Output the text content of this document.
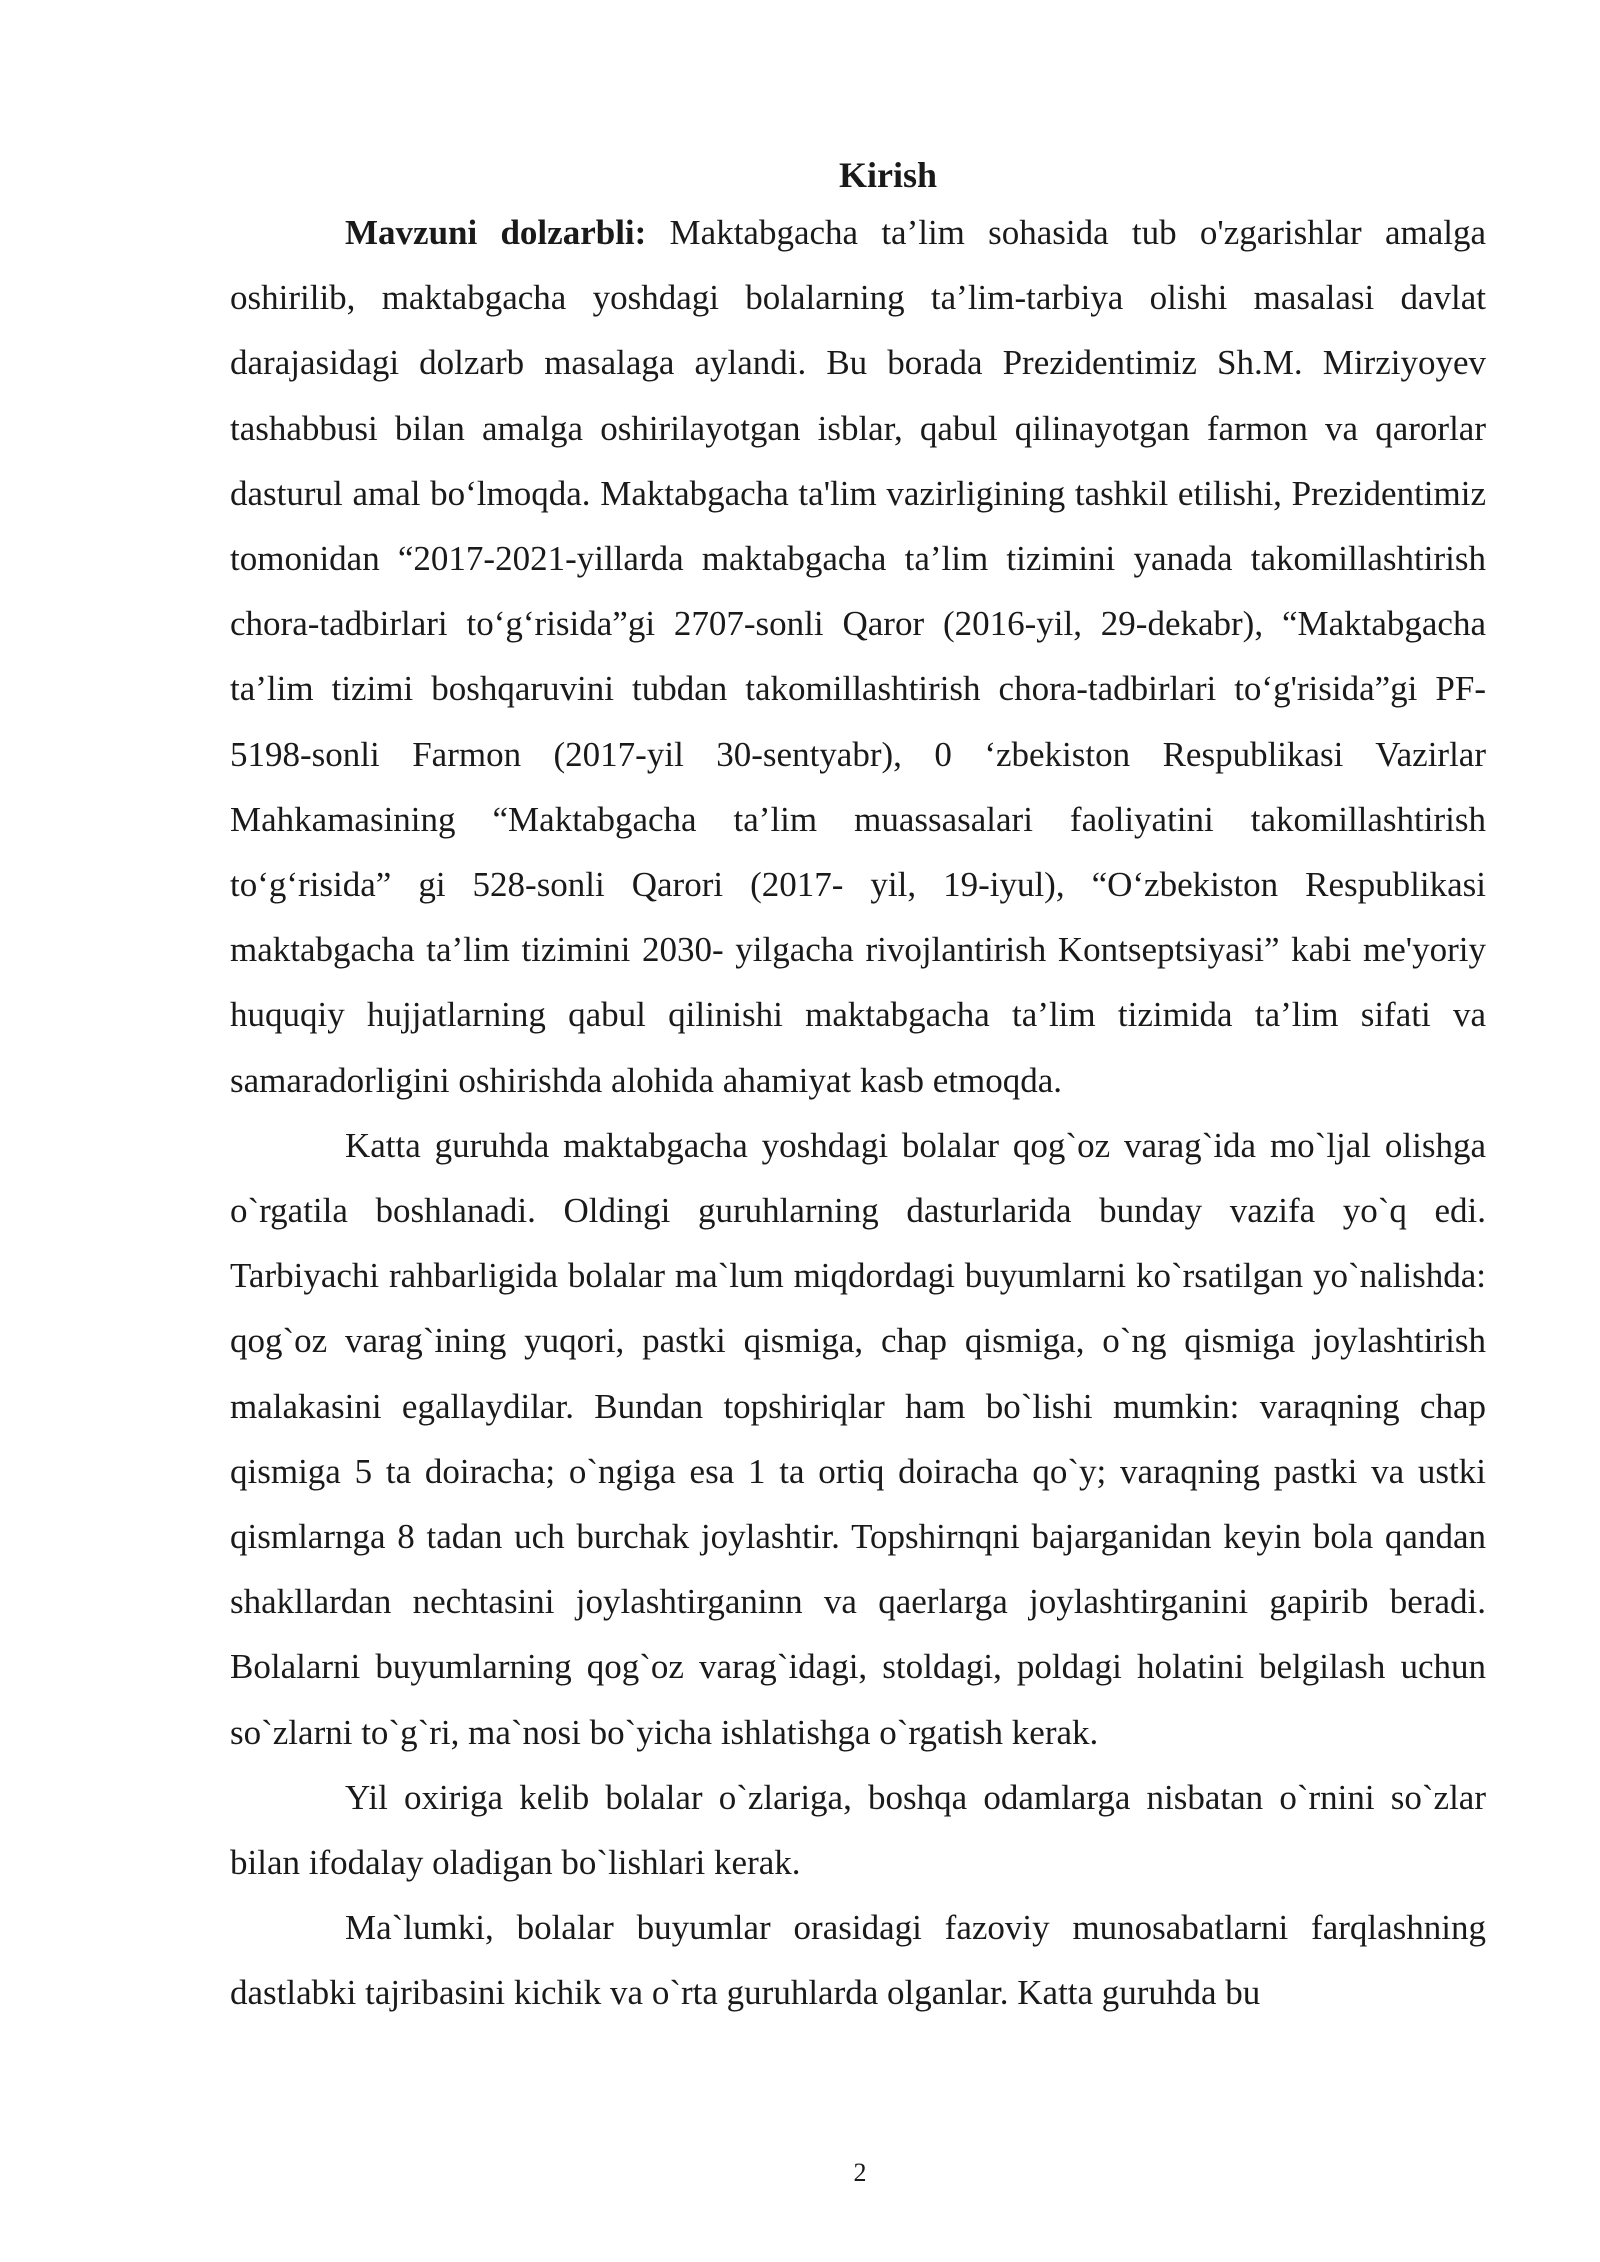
Kirish

Mavzuni dolzarbli: Maktabgacha ta’lim sohasida tub o'zgarishlar amalga oshirilib, maktabgacha yoshdagi bolalarning ta’lim-tarbiya olishi masalasi davlat darajasidagi dolzarb masalaga aylandi. Bu borada Prezidentimiz Sh.M. Mirziyoyev tashabbusi bilan amalga oshirilayotgan isblar, qabul qilinayotgan farmon va qarorlar dasturul amal bo‘lmoqda. Maktabgacha ta'lim vazirligining tashkil etilishi, Prezidentimiz tomonidan “2017-2021-yillarda maktabgacha ta’lim tizimini yanada takomillashtirish chora-tadbirlari to‘g‘risida”gi 2707-sonli Qaror (2016-yil, 29-dekabr), “Maktabgacha ta’lim tizimi boshqaruvini tubdan takomillashtirish chora-tadbirlari to‘g'risida”gi PF-5198-sonli Farmon (2017-yil 30-sentyabr), 0 ‘zbekiston Respublikasi Vazirlar Mahkamasining “Maktabgacha ta’lim muassasalari faoliyatini takomillashtirish to‘g‘risida” gi 528-sonli Qarori (2017- yil, 19-iyul), “O‘zbekiston Respublikasi maktabgacha ta’lim tizimini 2030- yilgacha rivojlantirish Kontseptsiyasi” kabi me'yoriy huquqiy hujjatlarning qabul qilinishi maktabgacha ta’lim tizimida ta’lim sifati va samaradorligini oshirishda alohida ahamiyat kasb etmoqda.

Katta guruhda maktabgacha yoshdagi bolalar qog`oz varag`ida mo`ljal olishga o`rgatila boshlanadi. Oldingi guruhlarning dasturlarida bunday vazifa yo`q edi. Tarbiyachi rahbarligida bolalar ma`lum miqdordagi buyumlarni ko`rsatilgan yo`nalishda: qog`oz varag`ining yuqori, pastki qismiga, chap qismiga, o`ng qismiga joylashtirish malakasini egallaydilar. Bundan topshiriqlar ham bo`lishi mumkin: varaqning chap qismiga 5 ta doiracha; o`ngiga esa 1 ta ortiq doiracha qo`y; varaqning pastki va ustki qismlarnga 8 tadan uch burchak joylashtir. Topshirnqni bajarganidan keyin bola qandan shakllardan nechtasini joylashtirganinn va qaerlarga joylashtirganini gapirib beradi. Bolalarni buyumlarning qog`oz varag`idagi, stoldagi, poldagi holatini belgilash uchun so`zlarni to`g`ri, ma`nosi bo`yicha ishlatishga o`rgatish kerak.

Yil oxiriga kelib bolalar o`zlariga, boshqa odamlarga nisbatan o`rnini so`zlar bilan ifodalay oladigan bo`lishlari kerak.

Ma`lumki, bolalar buyumlar orasidagi fazoviy munosabatlarni farqlashning dastlabki tajribasini kichik va o`rta guruhlarda olganlar. Katta guruhda bu

2
